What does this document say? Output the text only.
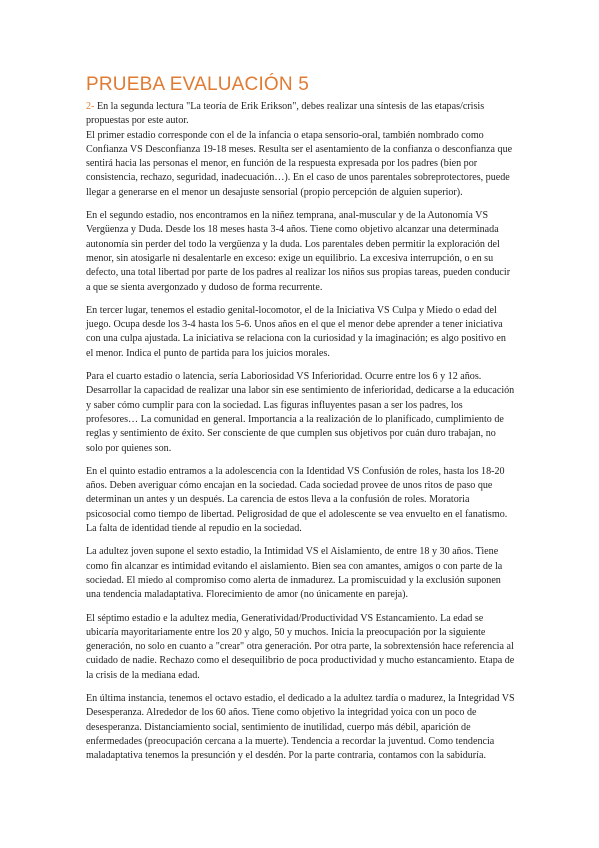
PRUEBA EVALUACIÓN 5

2- En la segunda lectura "La teoría de Erik Erikson", debes realizar una síntesis de las etapas/crisis propuestas por este autor.

El primer estadio corresponde con el de la infancia o etapa sensorio-oral, también nombrado como Confianza VS Desconfianza 19-18 meses. Resulta ser el asentamiento de la confianza o desconfianza que sentirá hacia las personas el menor, en función de la respuesta expresada por los padres (bien por consistencia, rechazo, seguridad, inadecuación…). En el caso de unos parentales sobreprotectores, puede llegar a generarse en el menor un desajuste sensorial (propio percepción de alguien superior).

En el segundo estadio, nos encontramos en la niñez temprana, anal-muscular y de la Autonomía VS Vergüenza y Duda. Desde los 18 meses hasta 3-4 años. Tiene como objetivo alcanzar una determinada autonomía sin perder del todo la vergüenza y la duda. Los parentales deben permitir la exploración del menor, sin atosigarle ni desalentarle en exceso: exige un equilibrio. La excesiva interrupción, o en su defecto, una total libertad por parte de los padres al realizar los niños sus propias tareas, pueden conducir a que se sienta avergonzado y dudoso de forma recurrente.

En tercer lugar, tenemos el estadio genital-locomotor, el de la Iniciativa VS Culpa y Miedo o edad del juego. Ocupa desde los 3-4 hasta los 5-6. Unos años en el que el menor debe aprender a tener iniciativa con una culpa ajustada. La iniciativa se relaciona con la curiosidad y la imaginación; es algo positivo en el menor. Indica el punto de partida para los juicios morales.

Para el cuarto estadio o latencia, sería Laboriosidad VS Inferioridad. Ocurre entre los 6 y 12 años. Desarrollar la capacidad de realizar una labor sin ese sentimiento de inferioridad, dedicarse a la educación y saber cómo cumplir para con la sociedad. Las figuras influyentes pasan a ser los padres, los profesores… La comunidad en general. Importancia a la realización de lo planificado, cumplimiento de reglas y sentimiento de éxito. Ser consciente de que cumplen sus objetivos por cuán duro trabajan, no solo por quienes son.

En el quinto estadio entramos a la adolescencia con la Identidad VS Confusión de roles, hasta los 18-20 años. Deben averiguar cómo encajan en la sociedad. Cada sociedad provee de unos ritos de paso que determinan un antes y un después. La carencia de estos lleva a la confusión de roles. Moratoria psicosocial como tiempo de libertad. Peligrosidad de que el adolescente se vea envuelto en el fanatismo. La falta de identidad tiende al repudio en la sociedad.

La adultez joven supone el sexto estadio, la Intimidad VS el Aislamiento, de entre 18 y 30 años. Tiene como fin alcanzar es intimidad evitando el aislamiento. Bien sea con amantes, amigos o con parte de la sociedad. El miedo al compromiso como alerta de inmadurez. La promiscuidad y la exclusión suponen una tendencia maladaptativa. Florecimiento de amor (no únicamente en pareja).

El séptimo estadio e la adultez media, Generatividad/Productividad VS Estancamiento. La edad se ubicaría mayoritariamente entre los 20 y algo, 50 y muchos. Inicia la preocupación por la siguiente generación, no solo en cuanto a "crear" otra generación. Por otra parte, la sobrextensión hace referencia al cuidado de nadie. Rechazo como el desequilibrio de poca productividad y mucho estancamiento. Etapa de la crisis de la mediana edad.

En última instancia, tenemos el octavo estadio, el dedicado a la adultez tardía o madurez, la Integridad VS Desesperanza. Alrededor de los 60 años. Tiene como objetivo la integridad yoica con un poco de desesperanza. Distanciamiento social, sentimiento de inutilidad, cuerpo más débil, aparición de enfermedades (preocupación cercana a la muerte). Tendencia a recordar la juventud. Como tendencia maladaptativa tenemos la presunción y el desdén. Por la parte contraria, contamos con la sabiduría.
